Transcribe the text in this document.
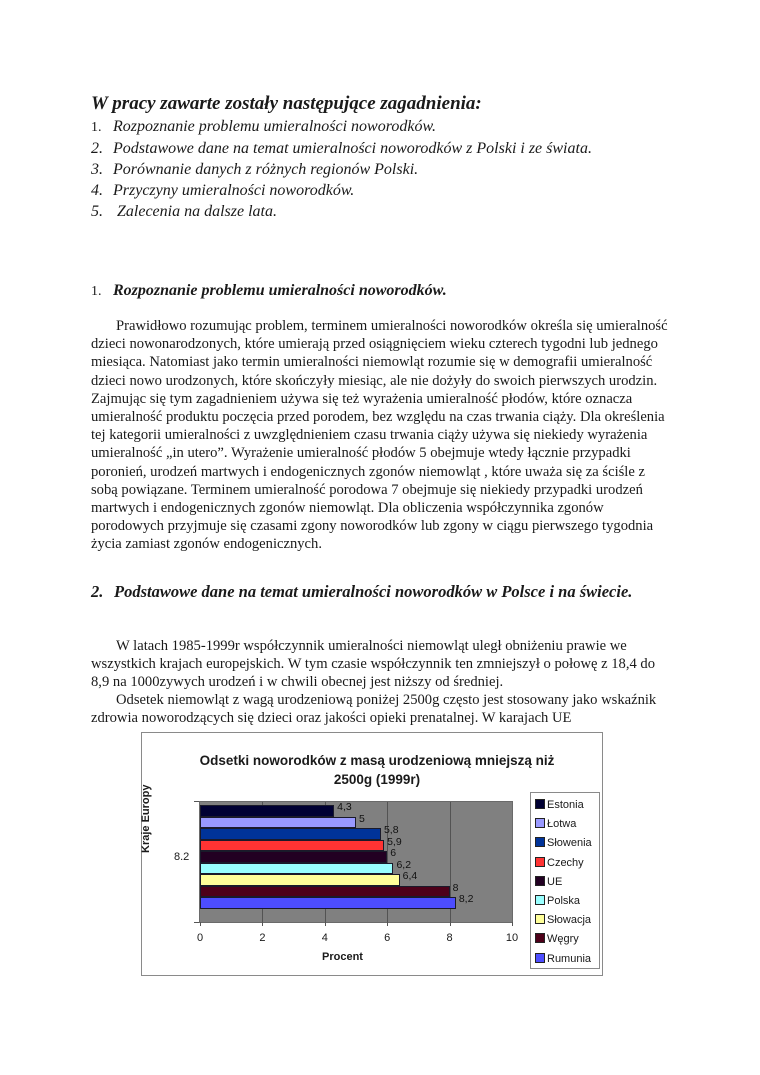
W pracy zawarte zostały następujące zagadnienia:
1. Rozpoznanie problemu umieralności noworodków.
2. Podstawowe dane na temat umieralności noworodków z Polski i ze świata.
3. Porównanie danych z różnych regionów Polski.
4. Przyczyny umieralności noworodków.
5. Zalecenia na dalsze lata.
1. Rozpoznanie problemu umieralności noworodków.

Prawidłowo rozumując problem, terminem umieralności noworodków określa się umieralność dzieci nowonarodzonych, które umierają przed osiągnięciem wieku czterech tygodni lub jednego miesiąca. Natomiast jako termin umieralności niemowląt rozumie się w demografii umieralność dzieci nowo urodzonych, które skończyły miesiąc, ale nie dożyły do swoich pierwszych urodzin. Zajmując się tym zagadnieniem używa się też wyrażenia umieralność płodów, które oznacza umieralność produktu poczęcia przed porodem, bez względu na czas trwania ciąży. Dla określenia tej kategorii umieralności z uwzględnieniem czasu trwania ciąży używa się niekiedy wyrażenia umieralność „in utero”. Wyrażenie umieralność płodów 5 obejmuje wtedy łącznie przypadki poronień, urodzeń martwych i endogenicznych zgonów niemowląt , które uważa się za ściśle z sobą powiązane. Terminem umieralność porodowa 7 obejmuje się niekiedy przypadki urodzeń martwych i endogenicznych zgonów niemowląt. Dla obliczenia współczynnika zgonów porodowych przyjmuje się czasami zgony noworodków lub zgony w ciągu pierwszego tygodnia życia zamiast zgonów endogenicznych.

2. Podstawowe dane na temat umieralności noworodków w Polsce i na świecie.

W latach 1985-1999r współczynnik umieralności niemowląt uległ obniżeniu prawie we wszystkich krajach europejskich. W tym czasie współczynnik ten zmniejszył o połowę z 18,4 do 8,9 na 1000zywych urodzeń i w chwili obecnej jest niższy od średniej.

Odsetek niemowląt z wagą urodzeniową poniżej 2500g często jest stosowany jako wskaźnik zdrowia noworodzących się dzieci oraz jakości opieki prenatalnej. W karajach UE

Odsetki noworodków z masą urodzeniową mniejszą niż 2500g (1999r)
Kraje Europy
8.2
4,3
5
5,8
5,9
6
6,2
6,4
8
8,2
0	2	4	6	8	10
Procent
Estonia
Łotwa
Słowenia
Czechy
UE
Polska
Słowacja
Węgry
Rumunia
